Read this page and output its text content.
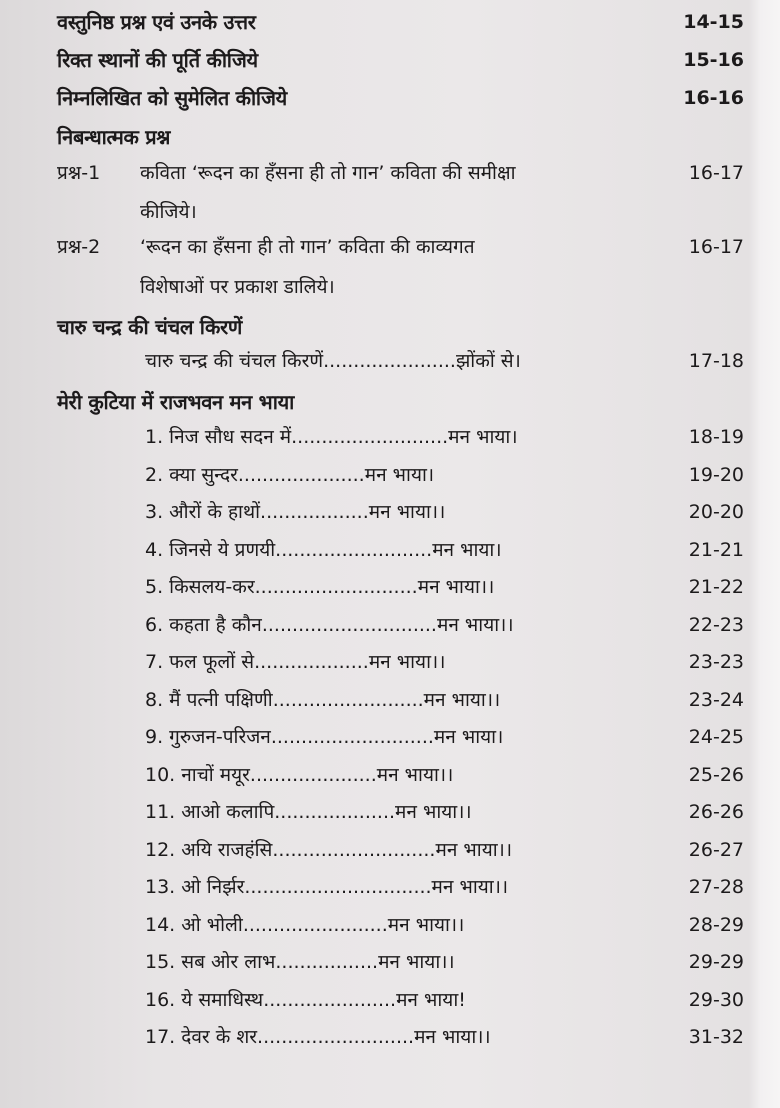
वस्तुनिष्ठ प्रश्न एवं उनके उत्तर	14-15
रिक्त स्थानों की पूर्ति कीजिये	15-16
निम्नलिखित को सुमेलित कीजिये	16-16
निबन्धात्मक प्रश्न
प्रश्न-1 कविता ‘रूदन का हँसना ही तो गान’ कविता की समीक्षा	16-17
कीजिये।
प्रश्न-2 ‘रूदन का हँसना ही तो गान’ कविता की काव्यगत	16-17
विशेषाओं पर प्रकाश डालिये।
चारु चन्द्र की चंचल किरणें
चारु चन्द्र की चंचल किरणें......................झोंकों से।	17-18
मेरी कुटिया में राजभवन मन भाया
1. निज सौध सदन में..........................मन भाया।	18-19
2. क्या सुन्दर.....................मन भाया।	19-20
3. औरों के हाथों..................मन भाया।।	20-20
4. जिनसे ये प्रणयी..........................मन भाया।	21-21
5. किसलय-कर...........................मन भाया।।	21-22
6. कहता है कौन.............................मन भाया।।	22-23
7. फल फूलों से...................मन भाया।।	23-23
8. मैं पत्नी पक्षिणी.........................मन भाया।।	23-24
9. गुरुजन-परिजन...........................मन भाया।	24-25
10. नाचों मयूर.....................मन भाया।।	25-26
11. आओ कलापि....................मन भाया।।	26-26
12. अयि राजहंसि...........................मन भाया।।	26-27
13. ओ निर्झर...............................मन भाया।।	27-28
14. ओ भोली........................मन भाया।।	28-29
15. सब ओर लाभ.................मन भाया।।	29-29
16. ये समाधिस्थ......................मन भाया!	29-30
17. देवर के शर..........................मन भाया।।	31-32
